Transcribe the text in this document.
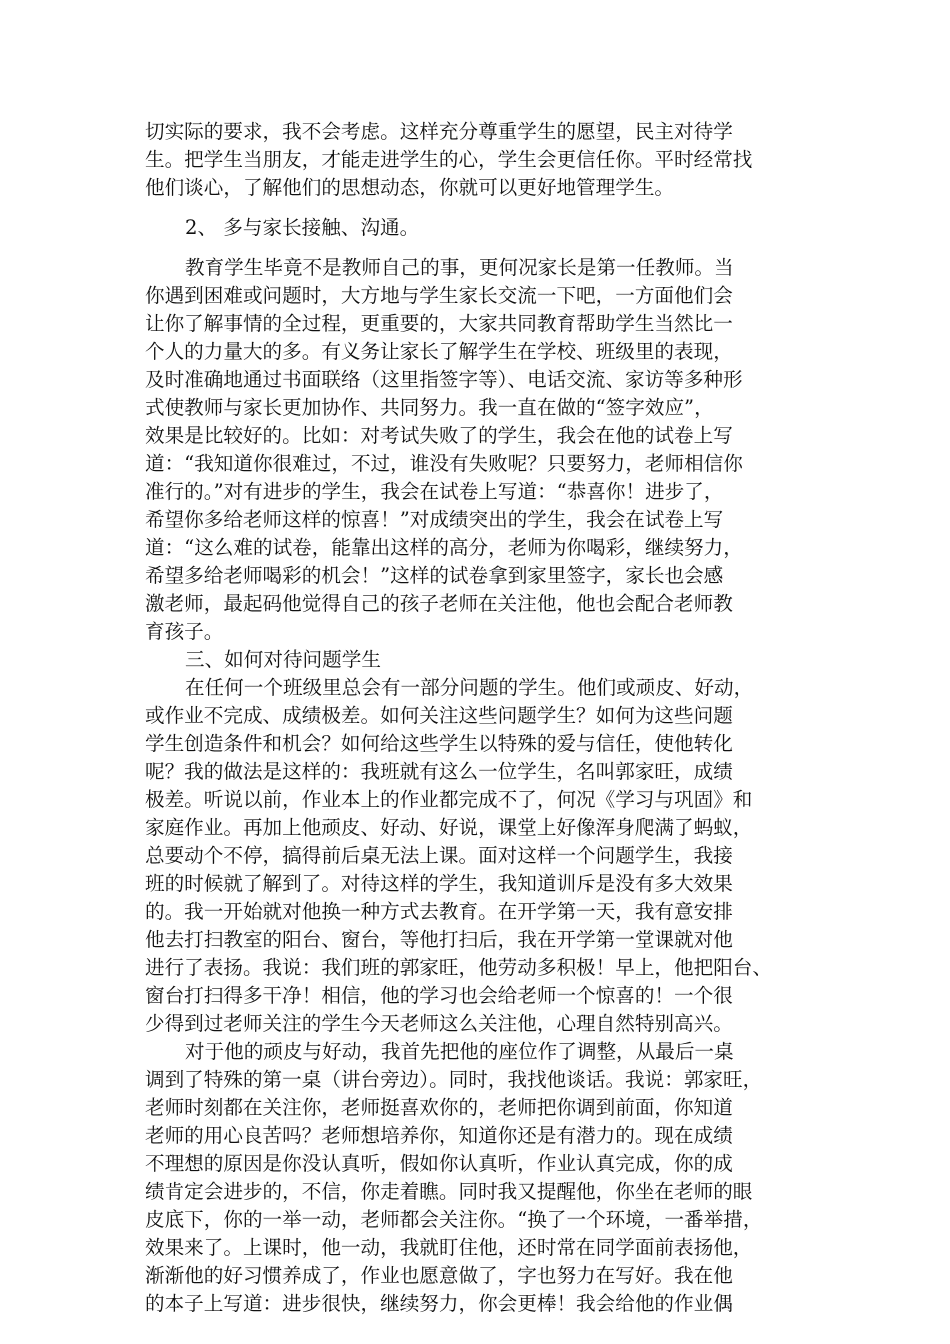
切实际的要求，我不会考虑。这样充分尊重学生的愿望，民主对待学
生。把学生当朋友，才能走进学生的心，学生会更信任你。平时经常找
他们谈心，了解他们的思想动态，你就可以更好地管理学生。
2、 多与家长接触、沟通。
教育学生毕竟不是教师自己的事，更何况家长是第一任教师。当
你遇到困难或问题时，大方地与学生家长交流一下吧，一方面他们会
让你了解事情的全过程，更重要的，大家共同教育帮助学生当然比一
个人的力量大的多。有义务让家长了解学生在学校、班级里的表现，
及时准确地通过书面联络（这里指签字等）、电话交流、家访等多种形
式使教师与家长更加协作、共同努力。我一直在做的“签字效应”，
效果是比较好的。比如：对考试失败了的学生，我会在他的试卷上写
道：“我知道你很难过，不过，谁没有失败呢？只要努力，老师相信你
准行的。”对有进步的学生，我会在试卷上写道：“恭喜你！进步了，
希望你多给老师这样的惊喜！”对成绩突出的学生，我会在试卷上写
道：“这么难的试卷，能靠出这样的高分，老师为你喝彩，继续努力，
希望多给老师喝彩的机会！”这样的试卷拿到家里签字，家长也会感
激老师，最起码他觉得自己的孩子老师在关注他，他也会配合老师教
育孩子。
三、如何对待问题学生
在任何一个班级里总会有一部分问题的学生。他们或顽皮、好动，
或作业不完成、成绩极差。如何关注这些问题学生？如何为这些问题
学生创造条件和机会？如何给这些学生以特殊的爱与信任，使他转化
呢？我的做法是这样的：我班就有这么一位学生，名叫郭家旺，成绩
极差。听说以前，作业本上的作业都完成不了，何况《学习与巩固》和
家庭作业。再加上他顽皮、好动、好说，课堂上好像浑身爬满了蚂蚁，
总要动个不停，搞得前后桌无法上课。面对这样一个问题学生，我接
班的时候就了解到了。对待这样的学生，我知道训斥是没有多大效果
的。我一开始就对他换一种方式去教育。在开学第一天，我有意安排
他去打扫教室的阳台、窗台，等他打扫后，我在开学第一堂课就对他
进行了表扬。我说：我们班的郭家旺，他劳动多积极！早上，他把阳台、
窗台打扫得多干净！相信，他的学习也会给老师一个惊喜的！一个很
少得到过老师关注的学生今天老师这么关注他，心理自然特别高兴。
对于他的顽皮与好动，我首先把他的座位作了调整，从最后一桌
调到了特殊的第一桌（讲台旁边）。同时，我找他谈话。我说：郭家旺，
老师时刻都在关注你，老师挺喜欢你的，老师把你调到前面，你知道
老师的用心良苦吗？老师想培养你，知道你还是有潜力的。现在成绩
不理想的原因是你没认真听，假如你认真听，作业认真完成，你的成
绩肯定会进步的，不信，你走着瞧。同时我又提醒他，你坐在老师的眼
皮底下，你的一举一动，老师都会关注你。“换了一个环境，一番举措，
效果来了。上课时，他一动，我就盯住他，还时常在同学面前表扬他，
渐渐他的好习惯养成了，作业也愿意做了，字也努力在写好。我在他
的本子上写道：进步很快，继续努力，你会更棒！我会给他的作业偶
